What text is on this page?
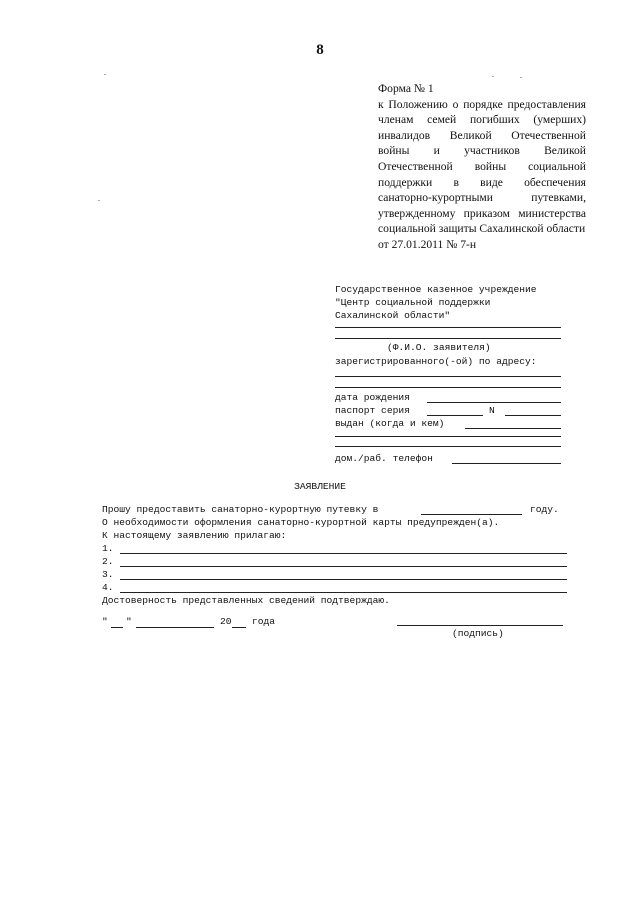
8
Форма № 1
к Положению о порядке предоставления членам семей погибших (умерших) инвалидов Великой Отечественной войны и участников Великой Отечественной войны социальной поддержки в виде обеспечения санаторно-курортными путевками, утвержденному приказом министерства социальной защиты Сахалинской области
от 27.01.2011 № 7-н
Государственное казенное учреждение
"Центр социальной поддержки
Сахалинской области"
(Ф.И.О. заявителя)
зарегистрированного(-ой) по адресу:
дата рождения
паспорт серия	N
выдан (когда и кем)
дом./раб. телефон
ЗАЯВЛЕНИЕ
Прошу предоставить санаторно-курортную путевку в	году.
О необходимости оформления санаторно-курортной карты предупрежден(а).
К настоящему заявлению прилагаю:
1.
2.
3.
4.
Достоверность представленных сведений подтверждаю.
" "	20 года
(подпись)
